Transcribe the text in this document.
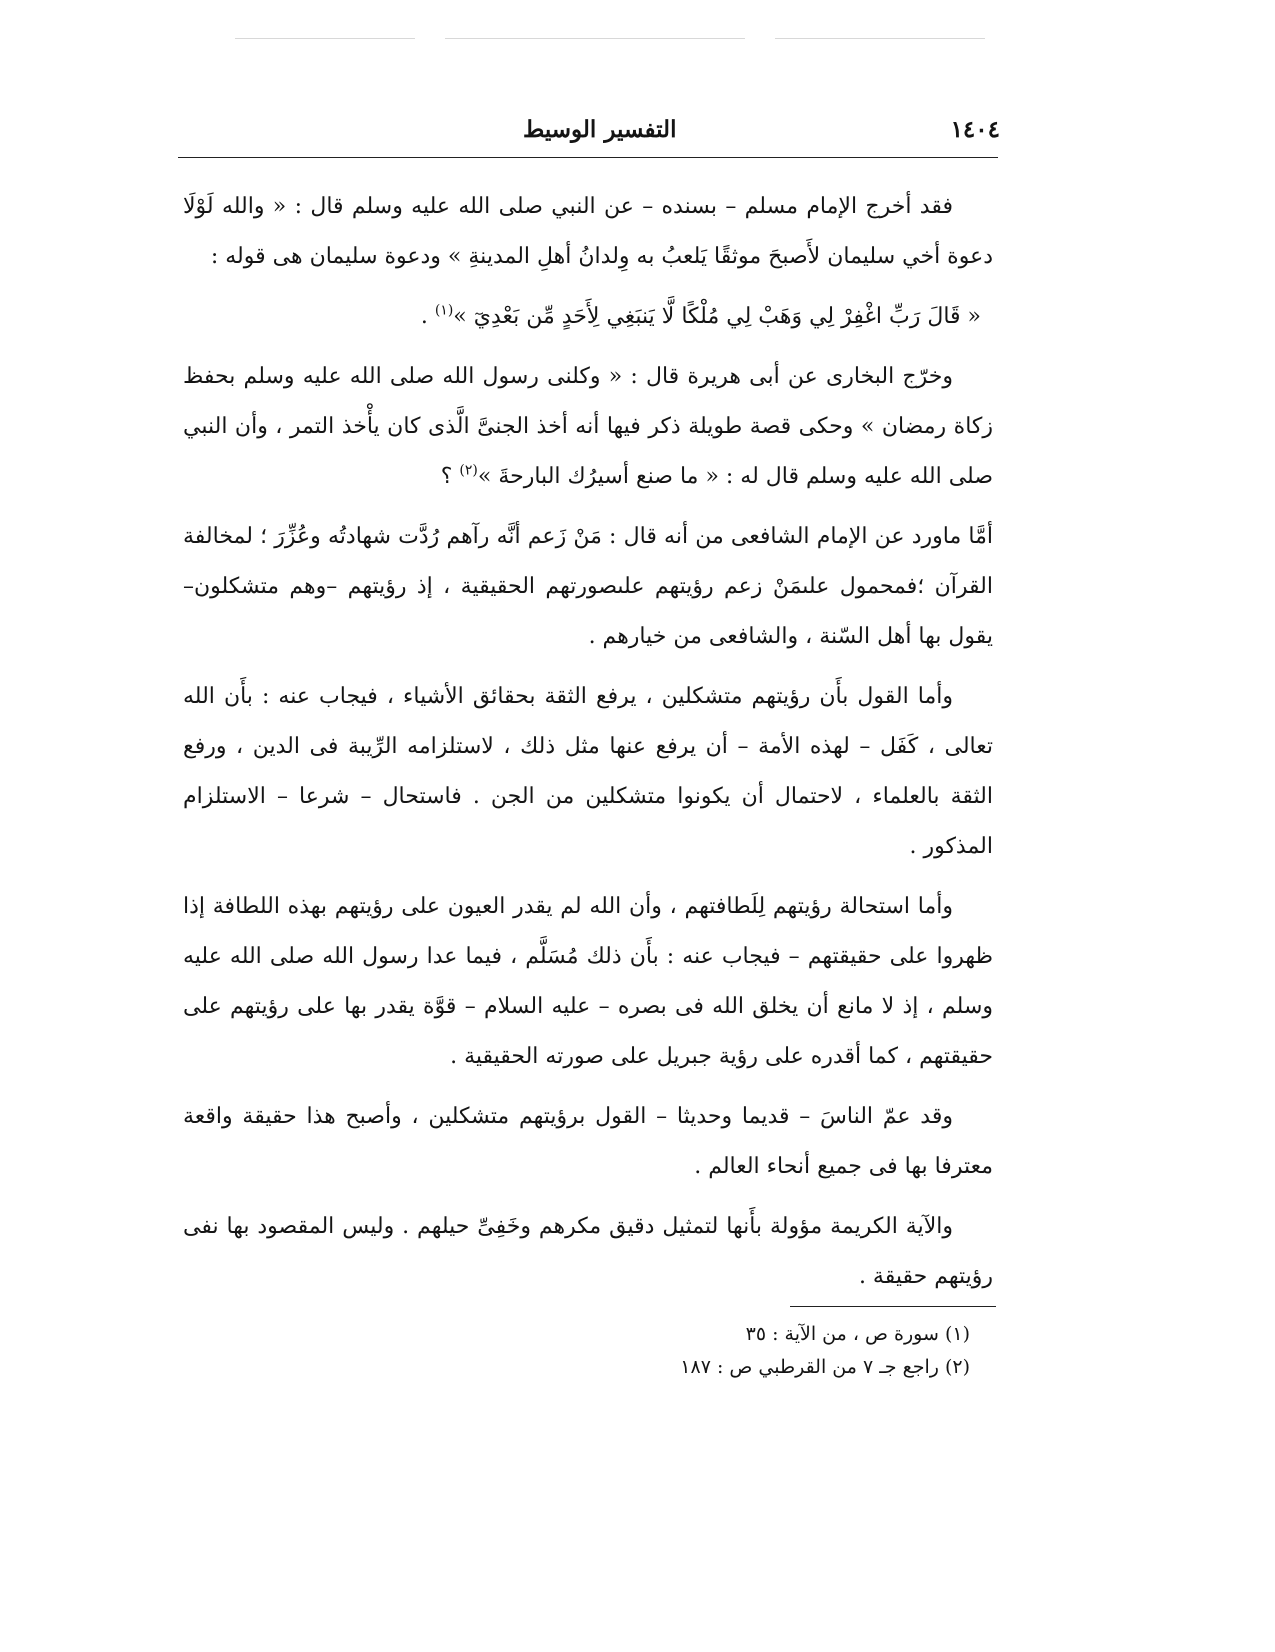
التفسير الوسيط	١٤٠٤

فقد أخرج الإمام مسلم – بسنده – عن النبي صلى الله عليه وسلم قال : « والله لَوْلَا دعوة أخي سليمان لأَصبحَ موثقًا يَلعبُ به وِلدانُ أهلِ المدينةِ » ودعوة سليمان هى قوله :

« قَالَ رَبِّ اغْفِرْ لِي وَهَبْ لِي مُلْكًا لَّا يَنبَغِي لِأَحَدٍ مِّن بَعْدِيٓ »$^{(١)}$ .

وخرّج البخارى عن أبى هريرة قال : « وكلنى رسول الله صلى الله عليه وسلم بحفظ زكاة رمضان » وحكى قصة طويلة ذكر فيها أنه أخذ الجنىَّ الَّذى كان يأْخذ التمر ، وأن النبي صلى الله عليه وسلم قال له : « ما صنع أسيرُك البارحةَ »$^{(٢)}$ ؟

أمَّا ماورد عن الإمام الشافعى من أنه قال : مَنْ زَعم أنَّه رآهم رُدَّت شهادتُه وعُزِّرَ ؛ لمخالفة القرآن ؛فمحمول علىمَنْ زعم رؤيتهم علىصورتهم الحقيقية ، إذ رؤيتهم –وهم متشكلون– يقول بها أهل السّنة ، والشافعى من خيارهم .

وأما القول بأَن رؤيتهم متشكلين ، يرفع الثقة بحقائق الأشياء ، فيجاب عنه : بأَن الله تعالى ، كَفَل – لهذه الأمة – أن يرفع عنها مثل ذلك ، لاستلزامه الرِّيبة فى الدين ، ورفع الثقة بالعلماء ، لاحتمال أن يكونوا متشكلين من الجن . فاستحال – شرعا – الاستلزام المذكور .

وأما استحالة رؤيتهم لِلَطافتهم ، وأن الله لم يقدر العيون على رؤيتهم بهذه اللطافة إذا ظهروا على حقيقتهم – فيجاب عنه : بأَن ذلك مُسَلَّم ، فيما عدا رسول الله صلى الله عليه وسلم ، إذ لا مانع أن يخلق الله فى بصره – عليه السلام – قوَّة يقدر بها على رؤيتهم على حقيقتهم ، كما أقدره على رؤية جبريل على صورته الحقيقية .

وقد عمّ الناسَ – قديما وحديثا – القول برؤيتهم متشكلين ، وأصبح هذا حقيقة واقعة معترفا بها فى جميع أنحاء العالم .

والآية الكريمة مؤولة بأَنها لتمثيل دقيق مكرهم وخَفِىِّ حيلهم . وليس المقصود بها نفى رؤيتهم حقيقة .

(١) سورة ص ، من الآية : ٣٥

(٢) راجع جـ ٧ من القرطبي ص : ١٨٧
